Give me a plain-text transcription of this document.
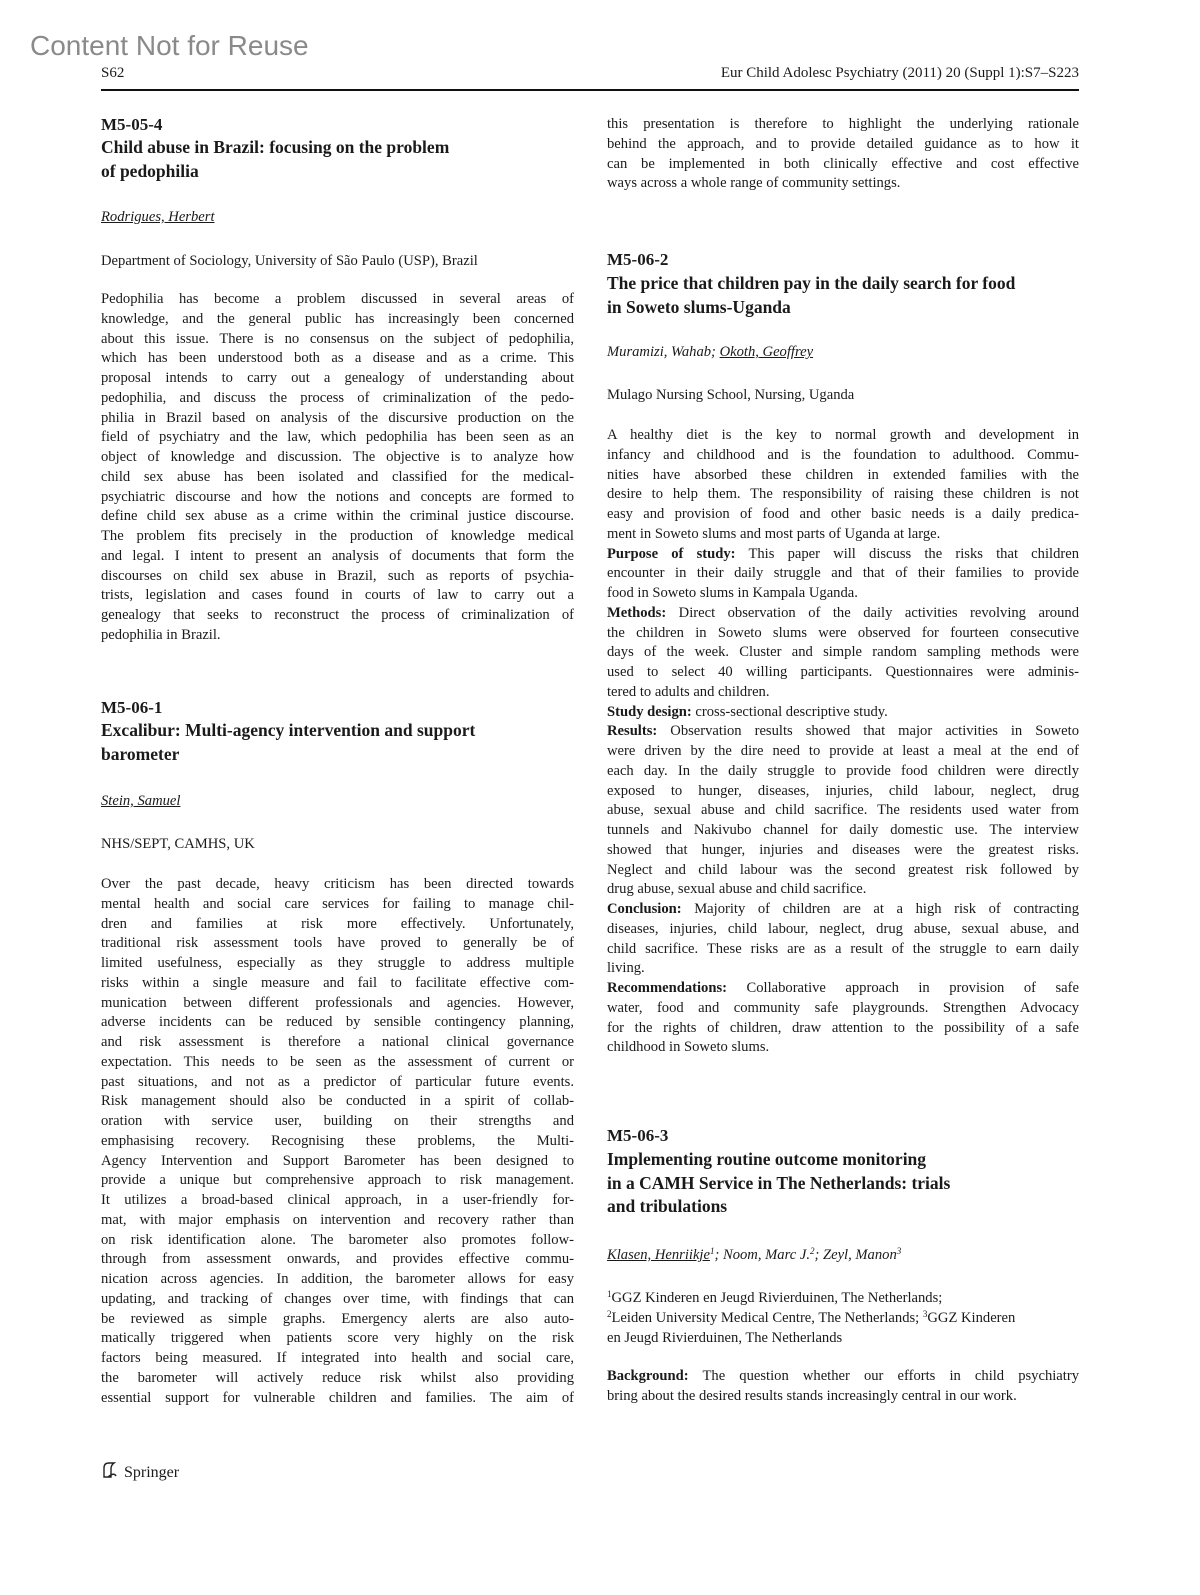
Content Not for Reuse
S62	Eur Child Adolesc Psychiatry (2011) 20 (Suppl 1):S7–S223
M5-05-4
Child abuse in Brazil: focusing on the problem
of pedophilia
Rodrigues, Herbert
Department of Sociology, University of São Paulo (USP), Brazil
Pedophilia has become a problem discussed in several areas of
knowledge, and the general public has increasingly been concerned
about this issue. There is no consensus on the subject of pedophilia,
which has been understood both as a disease and as a crime. This
proposal intends to carry out a genealogy of understanding about
pedophilia, and discuss the process of criminalization of the pedo-
philia in Brazil based on analysis of the discursive production on the
field of psychiatry and the law, which pedophilia has been seen as an
object of knowledge and discussion. The objective is to analyze how
child sex abuse has been isolated and classified for the medical-
psychiatric discourse and how the notions and concepts are formed to
define child sex abuse as a crime within the criminal justice discourse.
The problem fits precisely in the production of knowledge medical
and legal. I intent to present an analysis of documents that form the
discourses on child sex abuse in Brazil, such as reports of psychia-
trists, legislation and cases found in courts of law to carry out a
genealogy that seeks to reconstruct the process of criminalization of
pedophilia in Brazil.
M5-06-1
Excalibur: Multi-agency intervention and support
barometer
Stein, Samuel
NHS/SEPT, CAMHS, UK
Over the past decade, heavy criticism has been directed towards
mental health and social care services for failing to manage chil-
dren and families at risk more effectively. Unfortunately,
traditional risk assessment tools have proved to generally be of
limited usefulness, especially as they struggle to address multiple
risks within a single measure and fail to facilitate effective com-
munication between different professionals and agencies. However,
adverse incidents can be reduced by sensible contingency planning,
and risk assessment is therefore a national clinical governance
expectation. This needs to be seen as the assessment of current or
past situations, and not as a predictor of particular future events.
Risk management should also be conducted in a spirit of collab-
oration with service user, building on their strengths and
emphasising recovery. Recognising these problems, the Multi-
Agency Intervention and Support Barometer has been designed to
provide a unique but comprehensive approach to risk management.
It utilizes a broad-based clinical approach, in a user-friendly for-
mat, with major emphasis on intervention and recovery rather than
on risk identification alone. The barometer also promotes follow-
through from assessment onwards, and provides effective commu-
nication across agencies. In addition, the barometer allows for easy
updating, and tracking of changes over time, with findings that can
be reviewed as simple graphs. Emergency alerts are also auto-
matically triggered when patients score very highly on the risk
factors being measured. If integrated into health and social care,
the barometer will actively reduce risk whilst also providing
essential support for vulnerable children and families. The aim of
M5-06-2
The price that children pay in the daily search for food
in Soweto slums-Uganda
Muramizi, Wahab; Okoth, Geoffrey
Mulago Nursing School, Nursing, Uganda
A healthy diet is the key to normal growth and development in
infancy and childhood and is the foundation to adulthood. Commu-
nities have absorbed these children in extended families with the
desire to help them. The responsibility of raising these children is not
easy and provision of food and other basic needs is a daily predica-
ment in Soweto slums and most parts of Uganda at large.
Purpose of study: This paper will discuss the risks that children
encounter in their daily struggle and that of their families to provide
food in Soweto slums in Kampala Uganda.
Methods: Direct observation of the daily activities revolving around
the children in Soweto slums were observed for fourteen consecutive
days of the week. Cluster and simple random sampling methods were
used to select 40 willing participants. Questionnaires were adminis-
tered to adults and children.
Study design: cross-sectional descriptive study.
Results: Observation results showed that major activities in Soweto
were driven by the dire need to provide at least a meal at the end of
each day. In the daily struggle to provide food children were directly
exposed to hunger, diseases, injuries, child labour, neglect, drug
abuse, sexual abuse and child sacrifice. The residents used water from
tunnels and Nakivubo channel for daily domestic use. The interview
showed that hunger, injuries and diseases were the greatest risks.
Neglect and child labour was the second greatest risk followed by
drug abuse, sexual abuse and child sacrifice.
Conclusion: Majority of children are at a high risk of contracting
diseases, injuries, child labour, neglect, drug abuse, sexual abuse, and
child sacrifice. These risks are as a result of the struggle to earn daily
living.
Recommendations: Collaborative approach in provision of safe
water, food and community safe playgrounds. Strengthen Advocacy
for the rights of children, draw attention to the possibility of a safe
childhood in Soweto slums.
M5-06-3
Implementing routine outcome monitoring
in a CAMH Service in The Netherlands: trials
and tribulations
Klasen, Henriikje$^1$; Noom, Marc J.$^2$; Zeyl, Manon$^3$
$^1$GGZ Kinderen en Jeugd Rivierduinen, The Netherlands;
$^2$Leiden University Medical Centre, The Netherlands; $^3$GGZ Kinderen
en Jeugd Rivierduinen, The Netherlands
Background: The question whether our efforts in child psychiatry
bring about the desired results stands increasingly central in our work.
Springer
this presentation is therefore to highlight the underlying rationale
behind the approach, and to provide detailed guidance as to how it
can be implemented in both clinically effective and cost effective
ways across a whole range of community settings.
